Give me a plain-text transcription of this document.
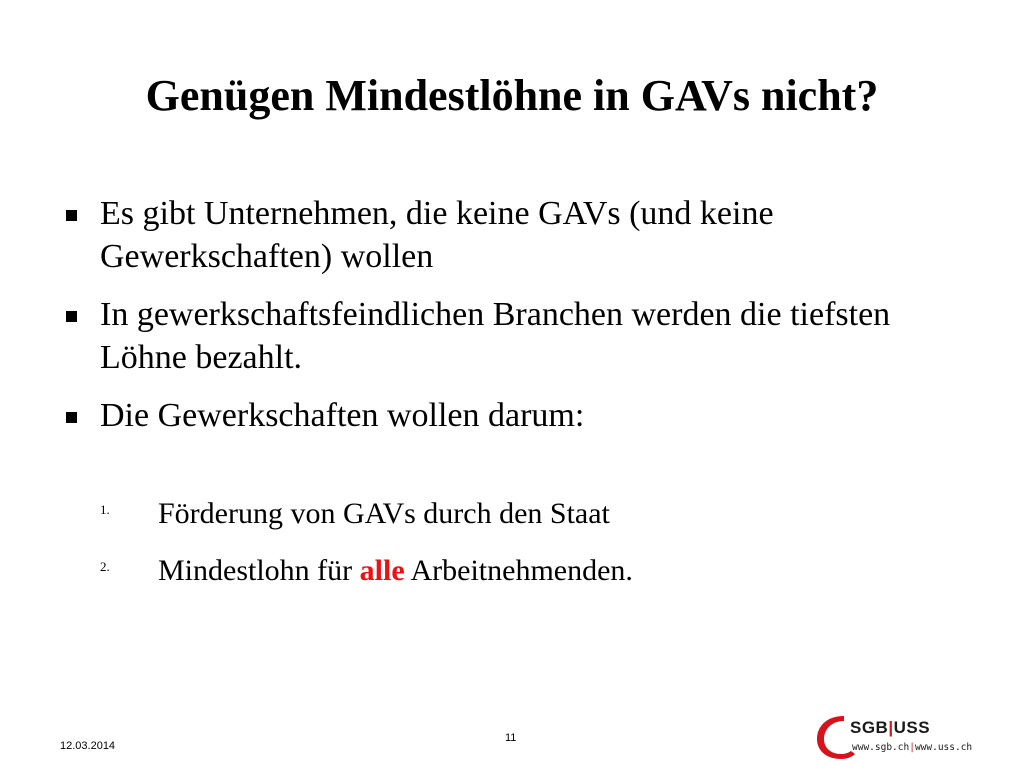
Genügen Mindestlöhne in GAVs nicht?
Es gibt Unternehmen, die keine GAVs (und keine Gewerkschaften) wollen
In gewerkschaftsfeindlichen Branchen werden die tiefsten Löhne bezahlt.
Die Gewerkschaften wollen darum:
1. Förderung von GAVs durch den Staat
2. Mindestlohn für alle Arbeitnehmenden.
12.03.2014
11
SGB|USS
www.sgb.ch|www.uss.ch
